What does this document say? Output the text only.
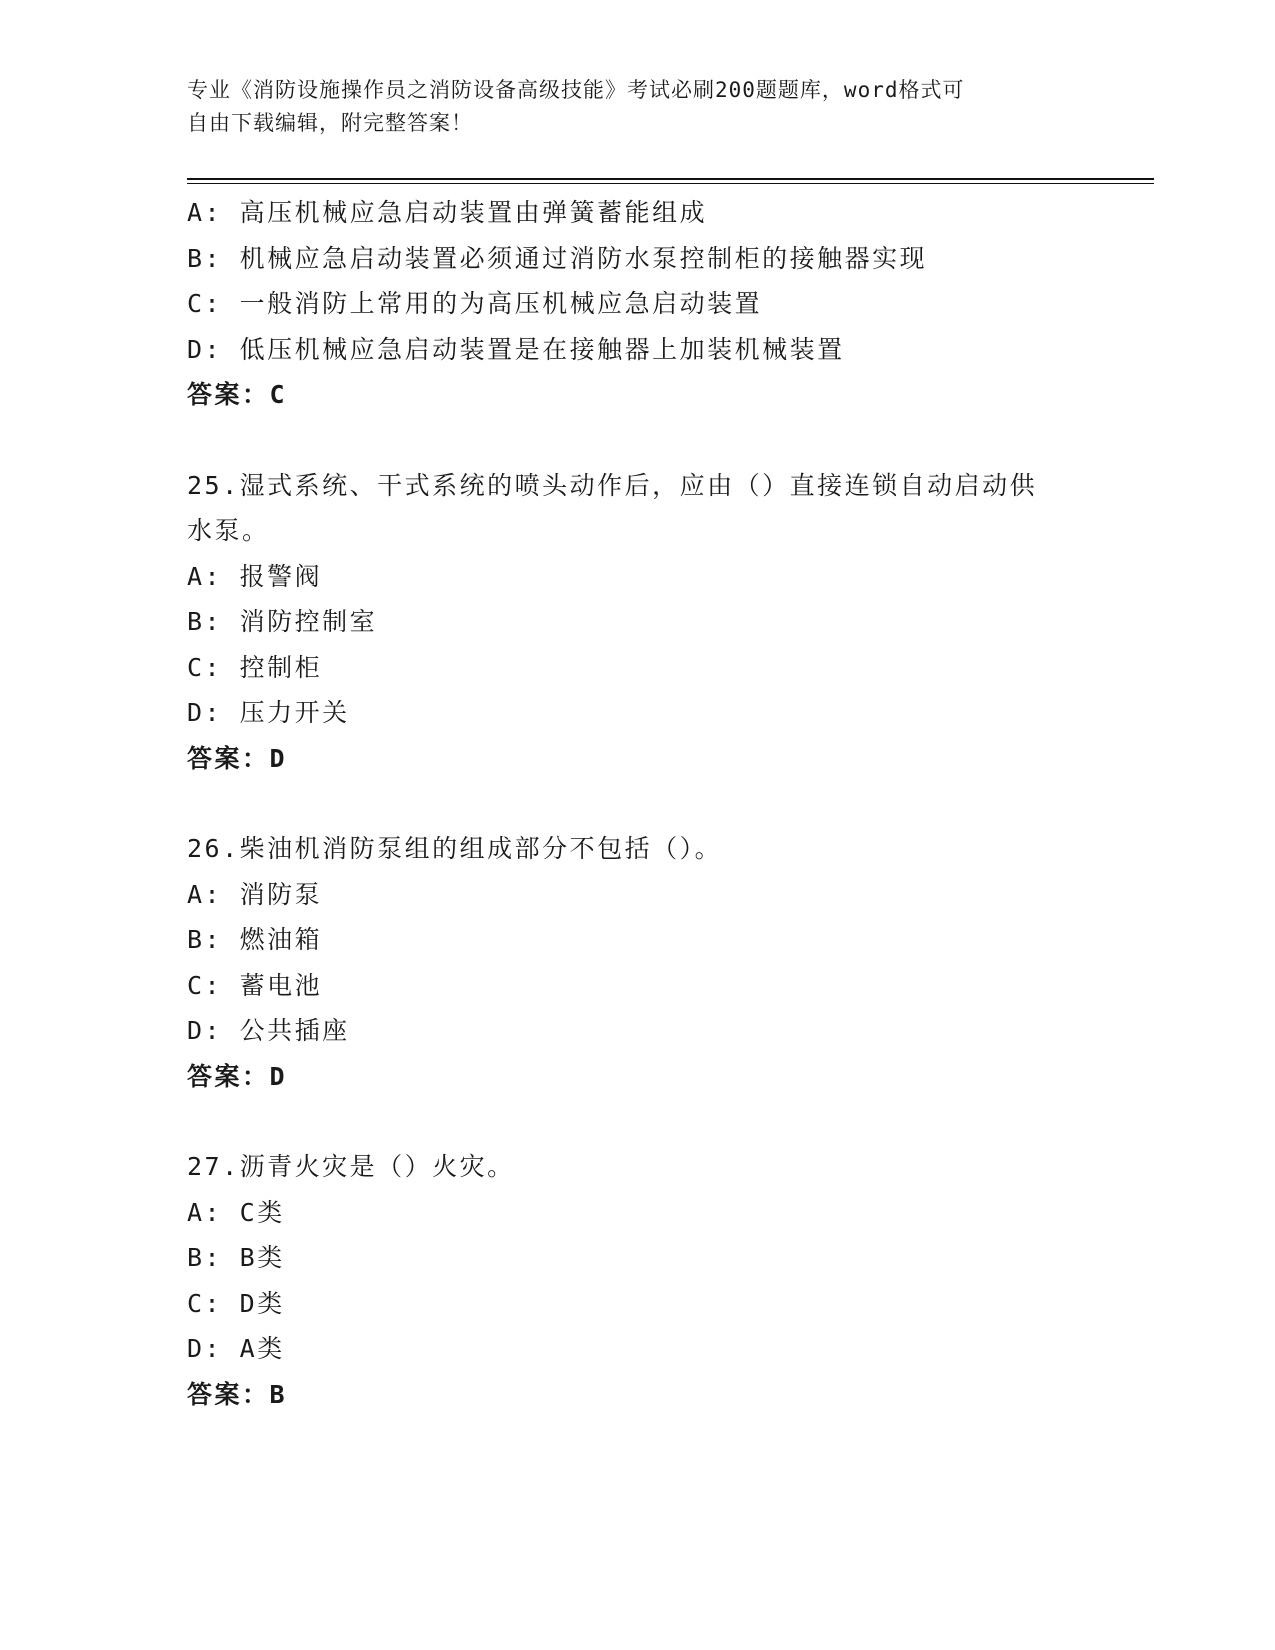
专业《消防设施操作员之消防设备高级技能》考试必刷200题题库，word格式可
自由下载编辑，附完整答案！
A: 高压机械应急启动装置由弹簧蓄能组成
B: 机械应急启动装置必须通过消防水泵控制柜的接触器实现
C: 一般消防上常用的为高压机械应急启动装置
D: 低压机械应急启动装置是在接触器上加装机械装置
答案：C
25.湿式系统、干式系统的喷头动作后，应由（）直接连锁自动启动供
水泵。
A: 报警阀
B: 消防控制室
C: 控制柜
D: 压力开关
答案：D
26.柴油机消防泵组的组成部分不包括（）。
A: 消防泵
B: 燃油箱
C: 蓄电池
D: 公共插座
答案：D
27.沥青火灾是（）火灾。
A: C类
B: B类
C: D类
D: A类
答案：B
